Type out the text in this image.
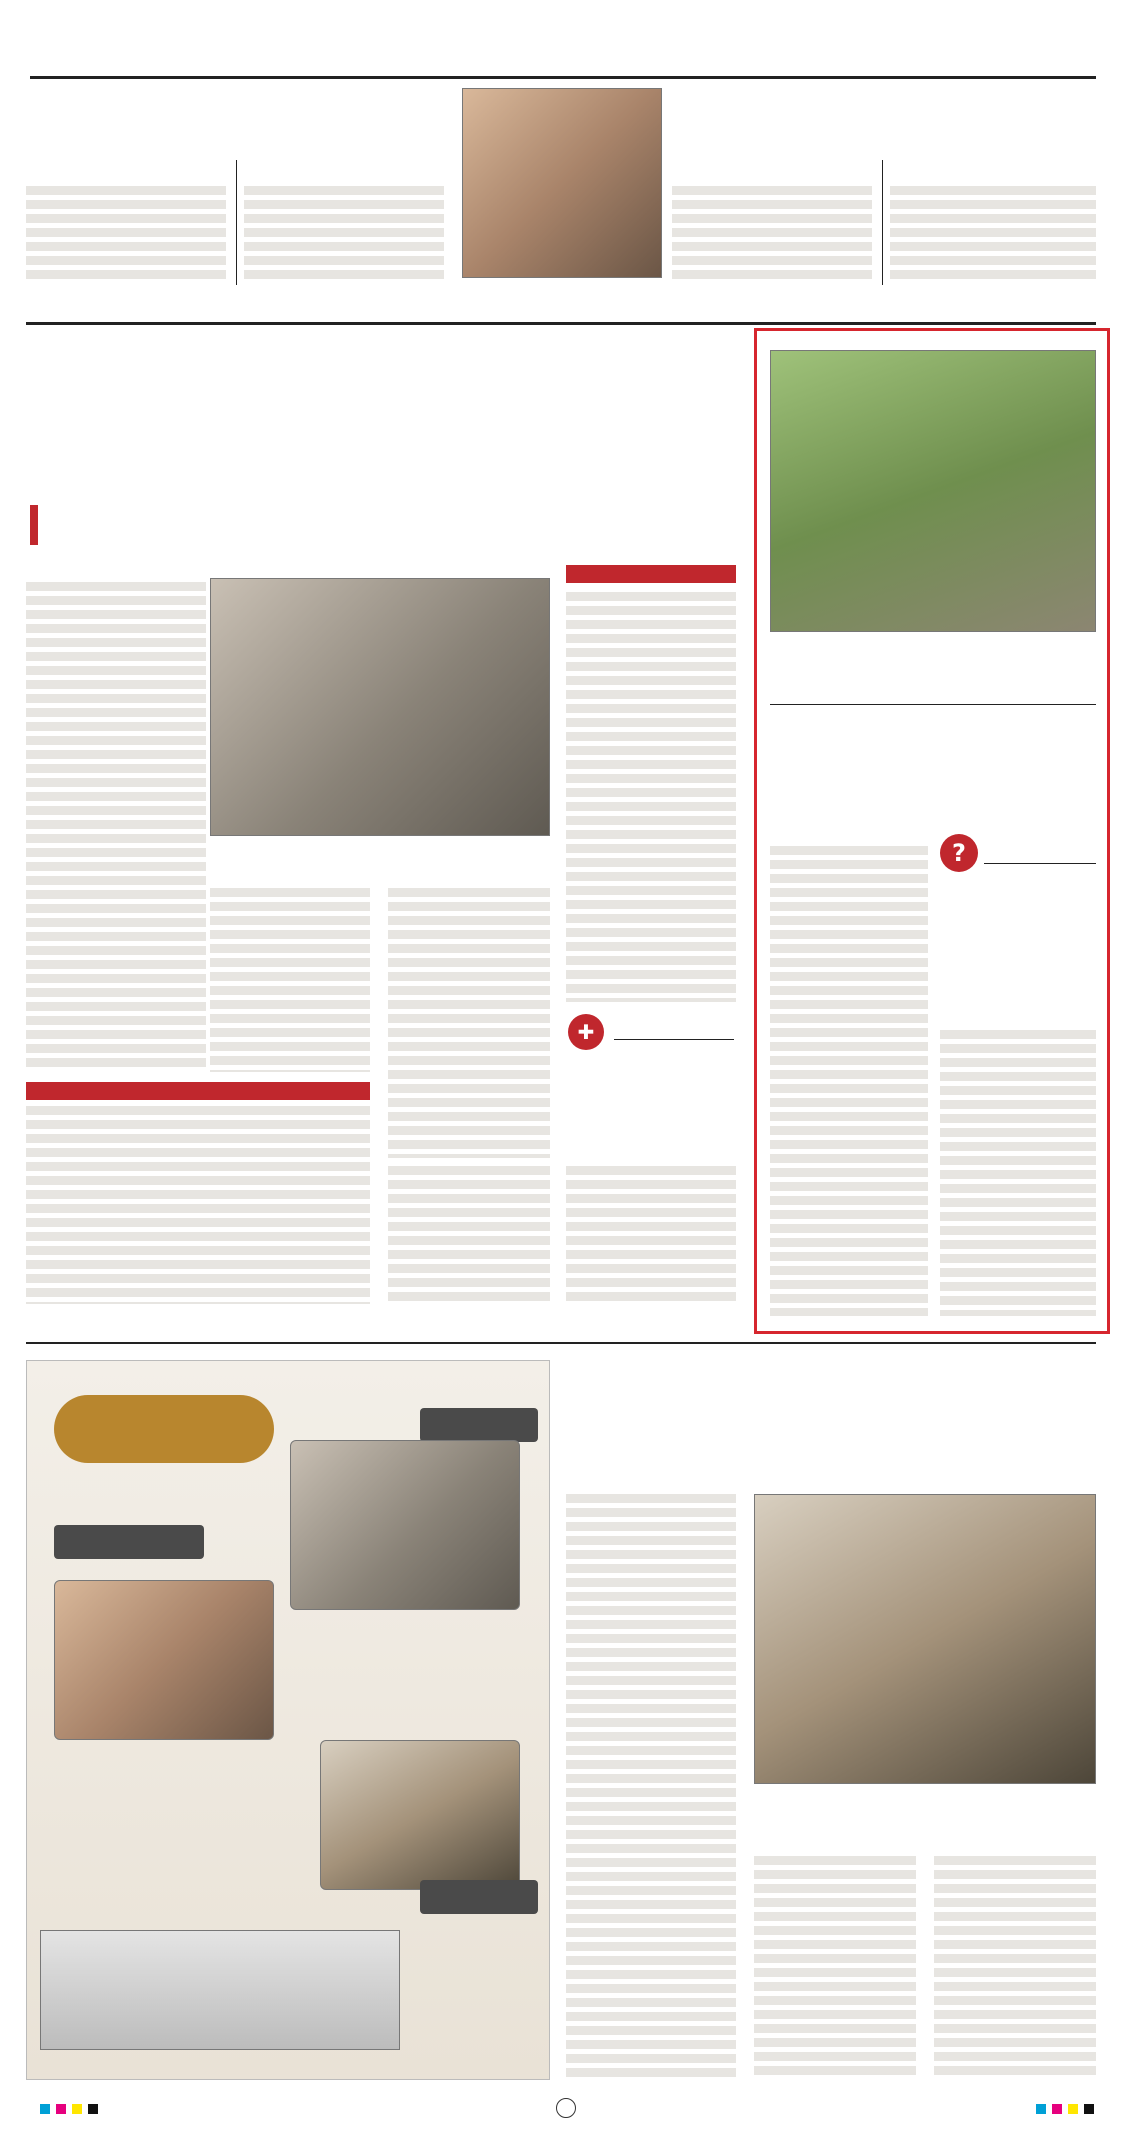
✚
?
